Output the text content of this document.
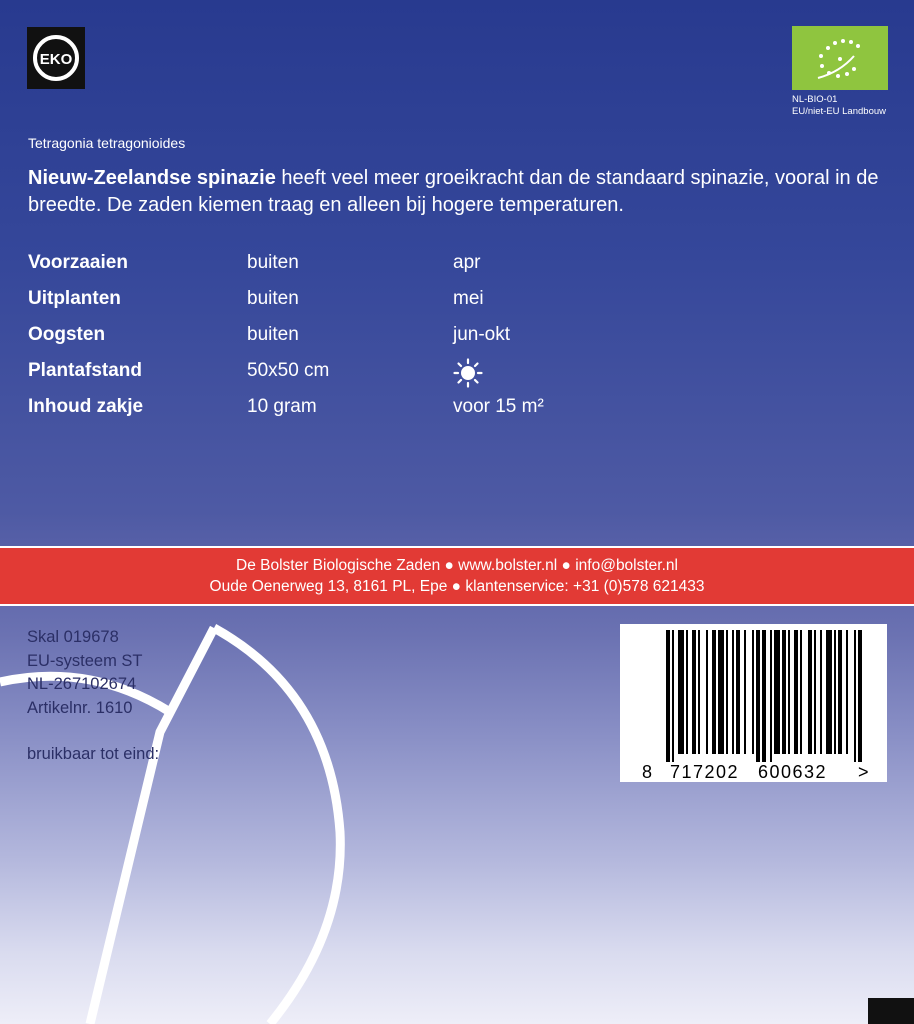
EKO
NL-BIO-01
EU/niet-EU Landbouw
Tetragonia tetragonioides
Nieuw-Zeelandse spinazie heeft veel meer groeikracht dan de standaard spinazie, vooral in de breedte. De zaden kiemen traag en alleen bij hogere temperaturen.
Voorzaaien	buiten	apr
Uitplanten	buiten	mei
Oogsten	buiten	jun-okt
Plantafstand	50x50 cm
Inhoud zakje	10 gram	voor 15 m²
De Bolster Biologische Zaden ● www.bolster.nl ● info@bolster.nl
Oude Oenerweg 13, 8161 PL, Epe ● klantenservice: +31 (0)578 621433
Skal 019678
EU-systeem ST
NL-267102674
Artikelnr. 1610
bruikbaar tot eind:
8 717202 600632 >
